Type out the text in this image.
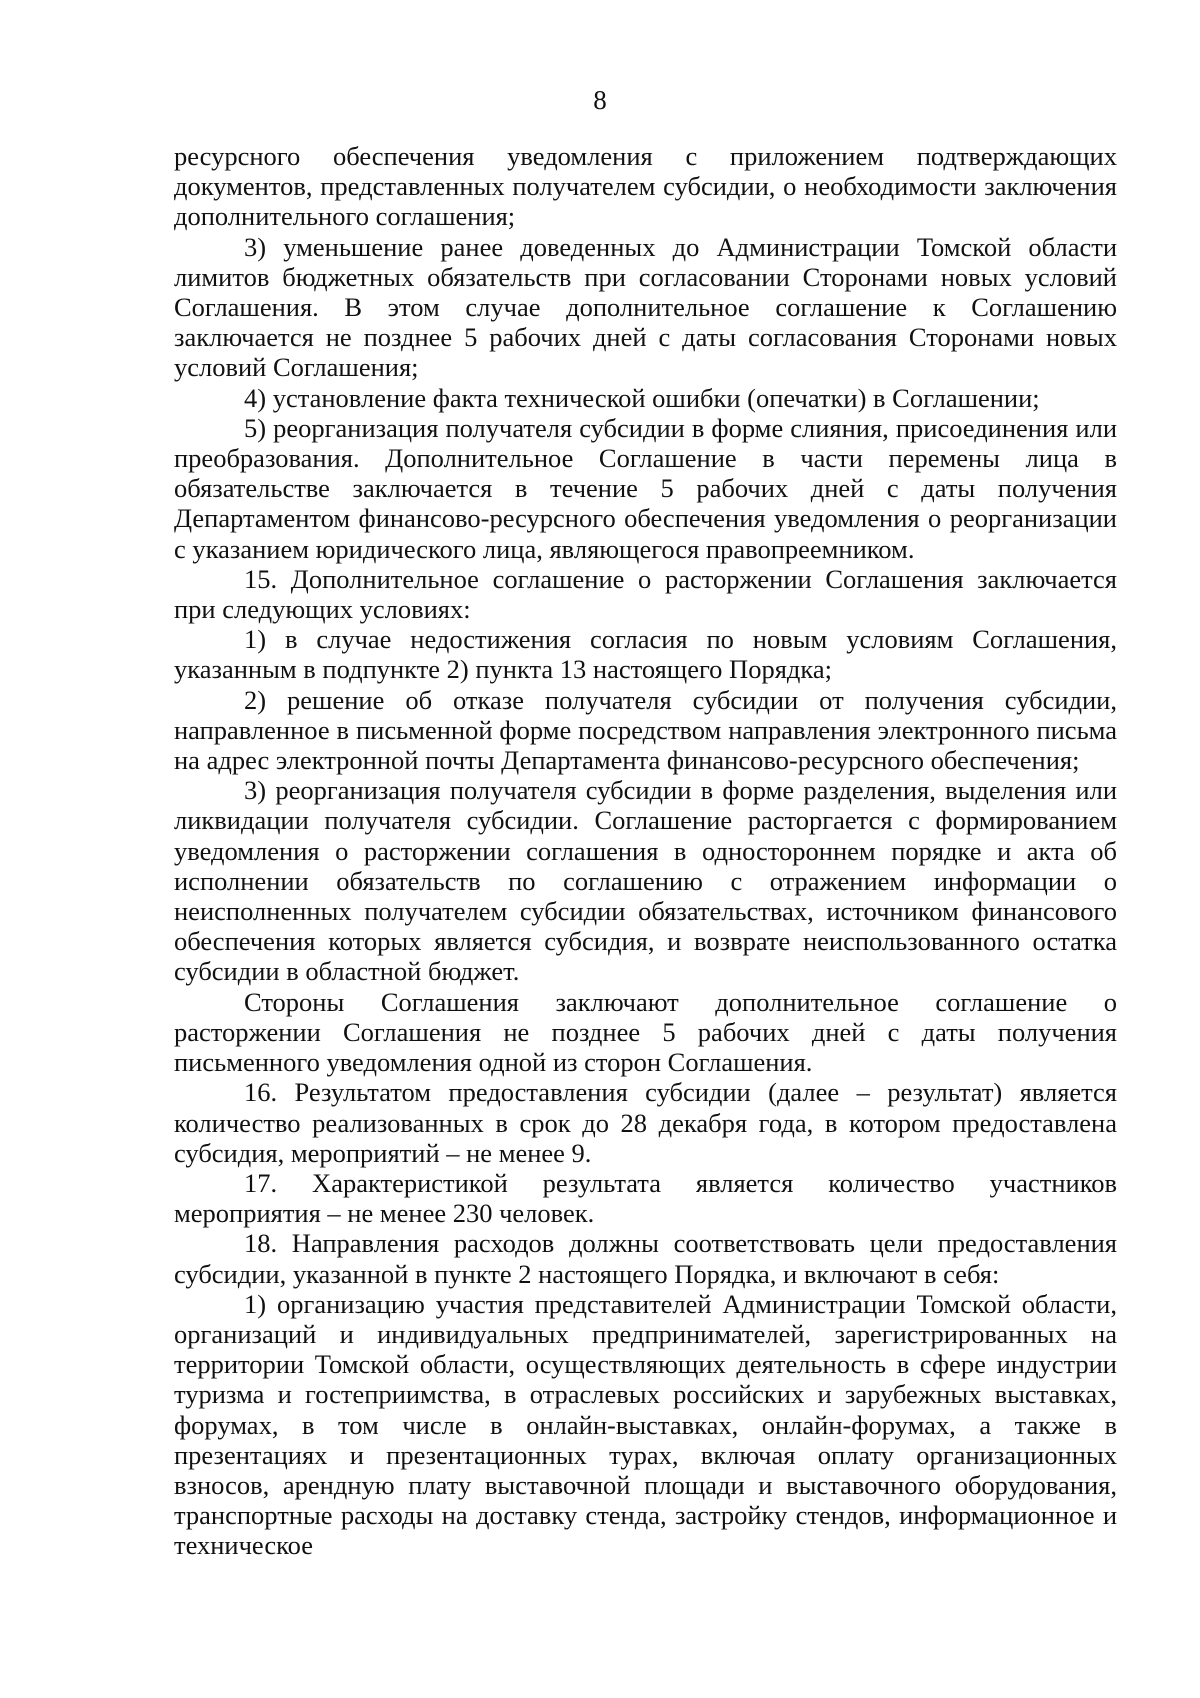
8

ресурсного обеспечения уведомления с приложением подтверждающих документов, представленных получателем субсидии, о необходимости заключения дополнительного соглашения;

3) уменьшение ранее доведенных до Администрации Томской области лимитов бюджетных обязательств при согласовании Сторонами новых условий Соглашения. В этом случае дополнительное соглашение к Соглашению заключается не позднее 5 рабочих дней с даты согласования Сторонами новых условий Соглашения;

4) установление факта технической ошибки (опечатки) в Соглашении;

5) реорганизация получателя субсидии в форме слияния, присоединения или преобразования. Дополнительное Соглашение в части перемены лица в обязательстве заключается в течение 5 рабочих дней с даты получения Департаментом финансово-ресурсного обеспечения уведомления о реорганизации с указанием юридического лица, являющегося правопреемником.

15. Дополнительное соглашение о расторжении Соглашения заключается при следующих условиях:

1) в случае недостижения согласия по новым условиям Соглашения, указанным в подпункте 2) пункта 13 настоящего Порядка;

2) решение об отказе получателя субсидии от получения субсидии, направленное в письменной форме посредством направления электронного письма на адрес электронной почты Департамента финансово-ресурсного обеспечения;

3) реорганизация получателя субсидии в форме разделения, выделения или ликвидации получателя субсидии. Соглашение расторгается с формированием уведомления о расторжении соглашения в одностороннем порядке и акта об исполнении обязательств по соглашению с отражением информации о неисполненных получателем субсидии обязательствах, источником финансового обеспечения которых является субсидия, и возврате неиспользованного остатка субсидии в областной бюджет.

Стороны Соглашения заключают дополнительное соглашение о расторжении Соглашения не позднее 5 рабочих дней с даты получения письменного уведомления одной из сторон Соглашения.

16. Результатом предоставления субсидии (далее – результат) является количество реализованных в срок до 28 декабря года, в котором предоставлена субсидия, мероприятий – не менее 9.

17. Характеристикой результата является количество участников мероприятия – не менее 230 человек.

18. Направления расходов должны соответствовать цели предоставления субсидии, указанной в пункте 2 настоящего Порядка, и включают в себя:

1) организацию участия представителей Администрации Томской области, организаций и индивидуальных предпринимателей, зарегистрированных на территории Томской области, осуществляющих деятельность в сфере индустрии туризма и гостеприимства, в отраслевых российских и зарубежных выставках, форумах, в том числе в онлайн-выставках, онлайн-форумах, а также в презентациях и презентационных турах, включая оплату организационных взносов, арендную плату выставочной площади и выставочного оборудования, транспортные расходы на доставку стенда, застройку стендов, информационное и техническое
